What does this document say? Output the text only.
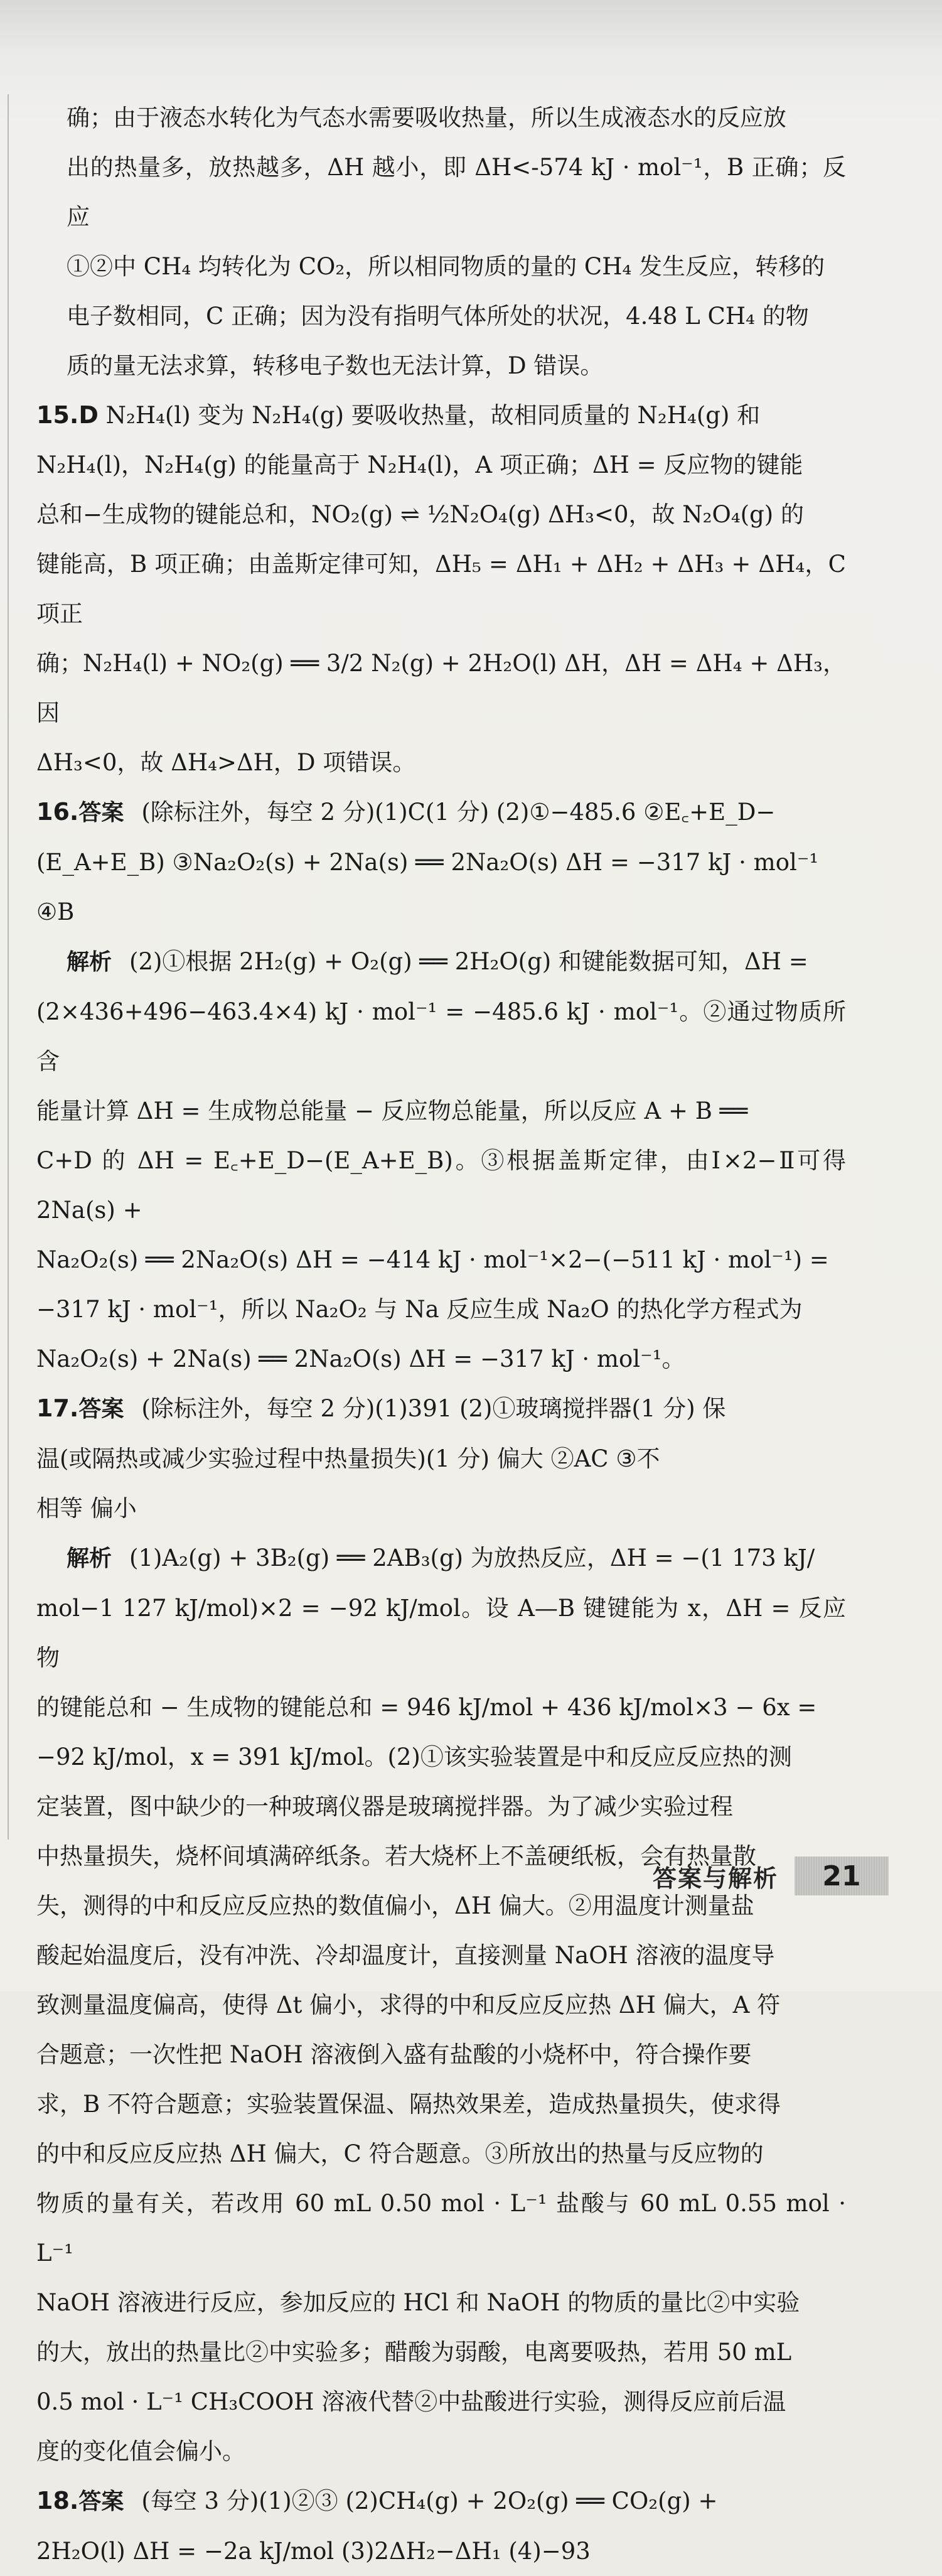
确；由于液态水转化为气态水需要吸收热量，所以生成液态水的反应放

出的热量多，放热越多，ΔH 越小，即 ΔH<-574 kJ · mol⁻¹，B 正确；反应

①②中 CH₄ 均转化为 CO₂，所以相同物质的量的 CH₄ 发生反应，转移的

电子数相同，C 正确；因为没有指明气体所处的状况，4.48 L CH₄ 的物

质的量无法求算，转移电子数也无法计算，D 错误。

15.D N₂H₄(l) 变为 N₂H₄(g) 要吸收热量，故相同质量的 N₂H₄(g) 和

N₂H₄(l)，N₂H₄(g) 的能量高于 N₂H₄(l)，A 项正确；ΔH = 反应物的键能

总和−生成物的键能总和，NO₂(g) ⇌ ½N₂O₄(g) ΔH₃<0，故 N₂O₄(g) 的

键能高，B 项正确；由盖斯定律可知，ΔH₅ = ΔH₁ + ΔH₂ + ΔH₃ + ΔH₄，C 项正

确；N₂H₄(l) + NO₂(g) ══ 3/2 N₂(g) + 2H₂O(l) ΔH，ΔH = ΔH₄ + ΔH₃，因

ΔH₃<0，故 ΔH₄>ΔH，D 项错误。

16.答案 (除标注外，每空 2 分)(1)C(1 分) (2)①−485.6 ②E꜀+E_D−

(E_A+E_B) ③Na₂O₂(s) + 2Na(s) ══ 2Na₂O(s) ΔH = −317 kJ · mol⁻¹

④B

解析 (2)①根据 2H₂(g) + O₂(g) ══ 2H₂O(g) 和键能数据可知，ΔH =

(2×436+496−463.4×4) kJ · mol⁻¹ = −485.6 kJ · mol⁻¹。②通过物质所含

能量计算 ΔH = 生成物总能量 − 反应物总能量，所以反应 A + B ══

C+D 的 ΔH = E꜀+E_D−(E_A+E_B)。③根据盖斯定律，由Ⅰ×2−Ⅱ可得 2Na(s) +

Na₂O₂(s) ══ 2Na₂O(s) ΔH = −414 kJ · mol⁻¹×2−(−511 kJ · mol⁻¹) =

−317 kJ · mol⁻¹，所以 Na₂O₂ 与 Na 反应生成 Na₂O 的热化学方程式为

Na₂O₂(s) + 2Na(s) ══ 2Na₂O(s) ΔH = −317 kJ · mol⁻¹。

17.答案 (除标注外，每空 2 分)(1)391 (2)①玻璃搅拌器(1 分) 保

温(或隔热或减少实验过程中热量损失)(1 分) 偏大 ②AC ③不

相等 偏小

解析 (1)A₂(g) + 3B₂(g) ══ 2AB₃(g) 为放热反应，ΔH = −(1 173 kJ/

mol−1 127 kJ/mol)×2 = −92 kJ/mol。设 A—B 键键能为 x，ΔH = 反应物

的键能总和 − 生成物的键能总和 = 946 kJ/mol + 436 kJ/mol×3 − 6x =

−92 kJ/mol，x = 391 kJ/mol。(2)①该实验装置是中和反应反应热的测

定装置，图中缺少的一种玻璃仪器是玻璃搅拌器。为了减少实验过程

中热量损失，烧杯间填满碎纸条。若大烧杯上不盖硬纸板，会有热量散

失，测得的中和反应反应热的数值偏小，ΔH 偏大。②用温度计测量盐

酸起始温度后，没有冲洗、冷却温度计，直接测量 NaOH 溶液的温度导

致测量温度偏高，使得 Δt 偏小，求得的中和反应反应热 ΔH 偏大，A 符

合题意；一次性把 NaOH 溶液倒入盛有盐酸的小烧杯中，符合操作要

求，B 不符合题意；实验装置保温、隔热效果差，造成热量损失，使求得

的中和反应反应热 ΔH 偏大，C 符合题意。③所放出的热量与反应物的

物质的量有关，若改用 60 mL 0.50 mol · L⁻¹ 盐酸与 60 mL 0.55 mol · L⁻¹

NaOH 溶液进行反应，参加反应的 HCl 和 NaOH 的物质的量比②中实验

的大，放出的热量比②中实验多；醋酸为弱酸，电离要吸热，若用 50 mL

0.5 mol · L⁻¹ CH₃COOH 溶液代替②中盐酸进行实验，测得反应前后温

度的变化值会偏小。

18.答案 (每空 3 分)(1)②③ (2)CH₄(g) + 2O₂(g) ══ CO₂(g) +

2H₂O(l) ΔH = −2a kJ/mol (3)2ΔH₂−ΔH₁ (4)−93

答案与解析 21
